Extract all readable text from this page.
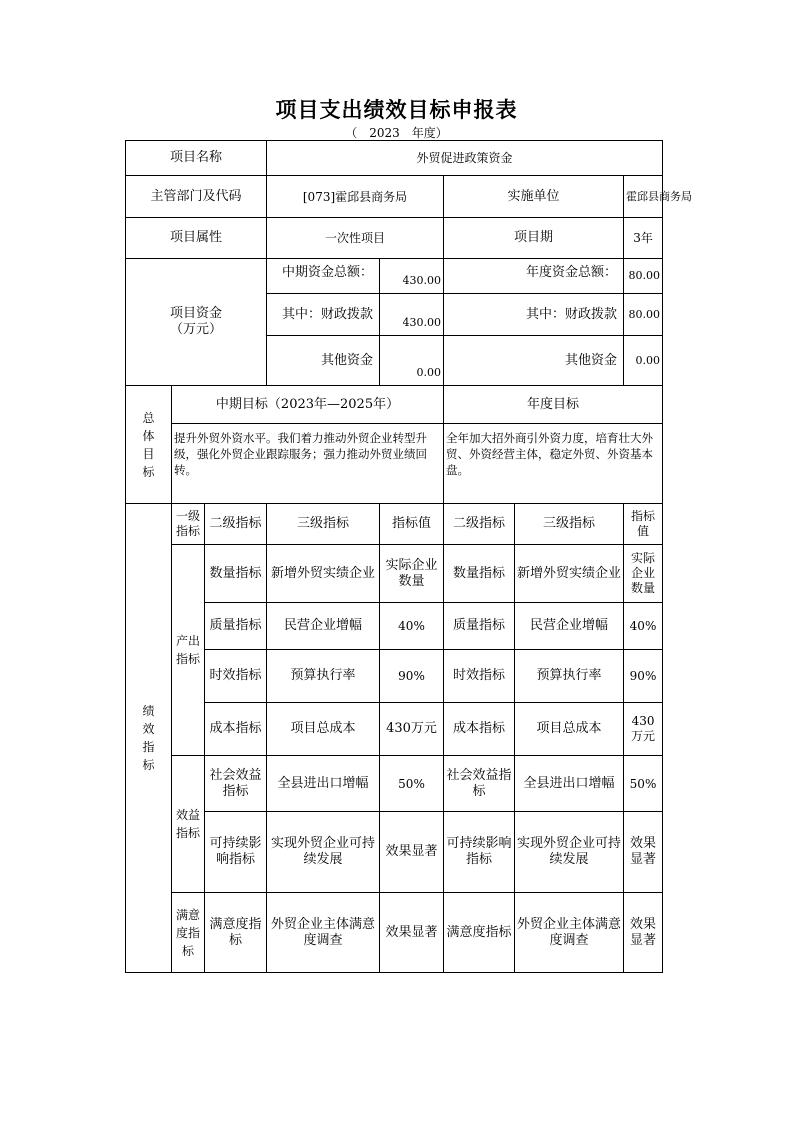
项目支出绩效目标申报表
（ 2023 年度）
项目名称			外贸促进政策资金				
主管部门及代码			[073]霍邱县商务局		实施单位		霍邱县商务局
项目属性			一次性项目		项目期		3年

项目资金
（万元）			中期资金总额：	430.00	年度资金总额：		80.00
			其中：财政拨款	430.00	其中：财政拨款		80.00
			其他资金	0.00	其他资金		0.00
总体目标	中期目标（2023年—2025年）				年度目标		
	提升外贸外资水平。我们着力推动外贸企业转型升级，强化外贸企业跟踪服务；强力推动外贸业绩回转。				全年加大招外商引外资力度，培育壮大外贸、外资经营主体，稳定外贸、外资基本盘。		
绩效指标	一级指标	二级指标	三级指标	指标值	二级指标	三级指标	指标值
	产出指标	数量指标	新增外贸实绩企业	实际企业数量	数量指标	新增外贸实绩企业	实际企业数量
		质量指标	民营企业增幅	40%	质量指标	民营企业增幅	40%
		时效指标	预算执行率	90%	时效指标	预算执行率	90%
		成本指标	项目总成本	430万元	成本指标	项目总成本	430万元
	效益指标	社会效益指标	全县进出口增幅	50%	社会效益指标	全县进出口增幅	50%
		可持续影响指标	实现外贸企业可持续发展	效果显著	可持续影响指标	实现外贸企业可持续发展	效果显著
	满意度指标	满意度指标	外贸企业主体满意度调查	效果显著	满意度指标	外贸企业主体满意度调查	效果显著
